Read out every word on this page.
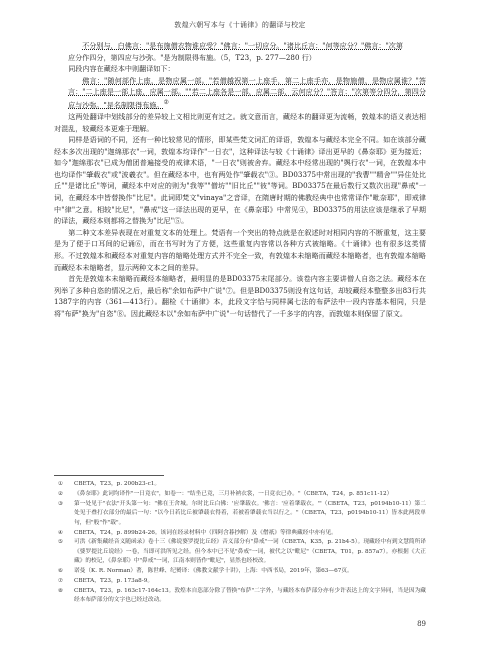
敦煌六朝写本与《十诵律》的翻译与校定

不分别与，白佛言："是布施僧衣物谁应受？"佛言："一切应分。"诸比丘言："何等应分？"佛言："次第

应分作四分，第四应与沙弥。"是为制限得布施。（5，T23，p. 277—280 行）

同段内容在藏经本中则翻译如下：

佛言："随何部作上座，是物应属一部。"若僧越祝第一上座手，第二上座手亦，是物施僧，是物应属谁？"答言："二上座是一部上座，应属一部。""若二上座各是一部，应属二部，云何应分？"答言："次第等分四分，第四分应与沙弥。"是名制限得布施。②

这两处翻译中划线部分的差异较上文相比则更有过之。就文意而言，藏经本的翻译更为流畅，敦煌本的语义表达相对混乱，较藏经本更难于理解。

同样是语词的不同，还有一种比较常见的情形，即某些梵文词汇的译语，敦煌本与藏经本完全不同。如在该部分藏经本多次出现的"迦绵那衣"一词，敦煌本均译作"一日衣"，这种译法与较《十诵律》译出更早的《鼻奈耶》更为接近；如今"迦绵那衣"已成为僧团普遍接受的戒律术语，"一日衣"则被舍弃。藏经本中经常出现的"舆行衣"一词，在敦煌本中也均译作"肇载衣"或"波羲衣"。但在藏经本中，也有两处作"肇载衣"③。BD03375中常出现的"我曹""精舍""异住处比丘""是诸比丘"等词，藏经本中对应的则为"我等""僧坊""旧比丘""彼"等词。BD03375在最后数行又数次出现"鼻戒"一词，在藏经本中皆替换作"比尼"。此词即梵文"vinaya"之音译，在隋唐时期的佛教经典中也常常译作"毗奈耶"，即戒律中"律"之意。相较"比尼"，"鼻戒"这一译法出现的更早，在《鼻奈耶》中常见④，BD03375的用法应该是继承了早期的译法，藏经本则都将之替换为"比尼"⑤。

第二种文本差异表现在对重复文本的处理上。梵语有一个突出的特点就是在叙述时对相同内容的不断重复，这主要是为了便于口耳间的记诵⑥，而在书写时为了方便，这些重复内容常以各种方式被缩略。《十诵律》也有很多这类情形。不过敦煌本和藏经本对重复内容的缩略处理方式并不完全一致，有敦煌本未缩略而藏经本缩略者，也有敦煌本缩略而藏经本未缩略者，显示两种文本之间的差异。

首先是敦煌本未缩略而藏经本缩略者，最明显的是BD03375末尾部分。该卷内容主要讲僧人自恣之法。藏经本在列举了多种自恣的情况之后，最后称"余如布萨中广说"⑦。但是BD03375则没有这句话，却较藏经本整整多出83行共1387字的内容（361—413行）。翻检《十诵律》本，此段文字恰与同样属七法的布萨法中一段内容基本相同，只是将"布萨"换为"自恣"⑧。因此藏经本以"余如布萨中广说"一句话替代了一千多字的内容，而敦煌本则保留了原文。

①	CBETA，T23，p. 200b23-c1。
②	《鼻奈耶》此词均译作"一日竟衣"，如卷一："结坐已竟，三月补衲衣裳，一日竟衣已办。"（CBETA，T24，p. 851c11-12）
③	第一处见于"衣法"开头第一句："佛在王舍城。尔时比丘白佛：'应肇载衣。'佛言：'应着肇载衣。'"（CBETA，T23，p0194b10-11）第二处见于叠打衣部分的最后一句："以今日若比丘被肇载衣得着，若被着肇载衣当以行之。"（CBETA，T23，p0194b10-11）皆本此两段单句，但"般"作"载"。
④	CBETA，T24，p. 899b24-26。该词在经录材料中（四阿含暮抄解）及《僧祇》等律典藏经中亦有见。
⑤	可洪《新集藏经音义随函录》卷十三《佛说婆罗提比丘经》音义部分有"鼻戒"一词（CBETA，K35，p. 21b4-5）。现藏经中有到文慧简所译《婆罗提比丘说经》一卷，当即可洪所见之经。但今本中已不见"鼻戒"一词，被代之以"毗尼"（CBETA，T01，p. 857a7）。亦根据《大正藏》的校记，《鼻奈耶》中"鼻戒"一词，江南本则皆作"毗尼"，显然也经校改。
⑥	诺曼（K. R. Norman）著，陈世峰、纪赟译：《佛教文献学十讲》，上海：中西书局，2019年，第63—67页。
⑦	CBETA，T23，p. 173a8-9。
⑧	CBETA，T23，p. 163c17-164c13。敦煌本自恣部分除了替换"布萨"二字外，与藏经本布萨部分亦有少许表达上的文字异同，当是因为藏经本布萨部分的文字也已经过改动。
89
